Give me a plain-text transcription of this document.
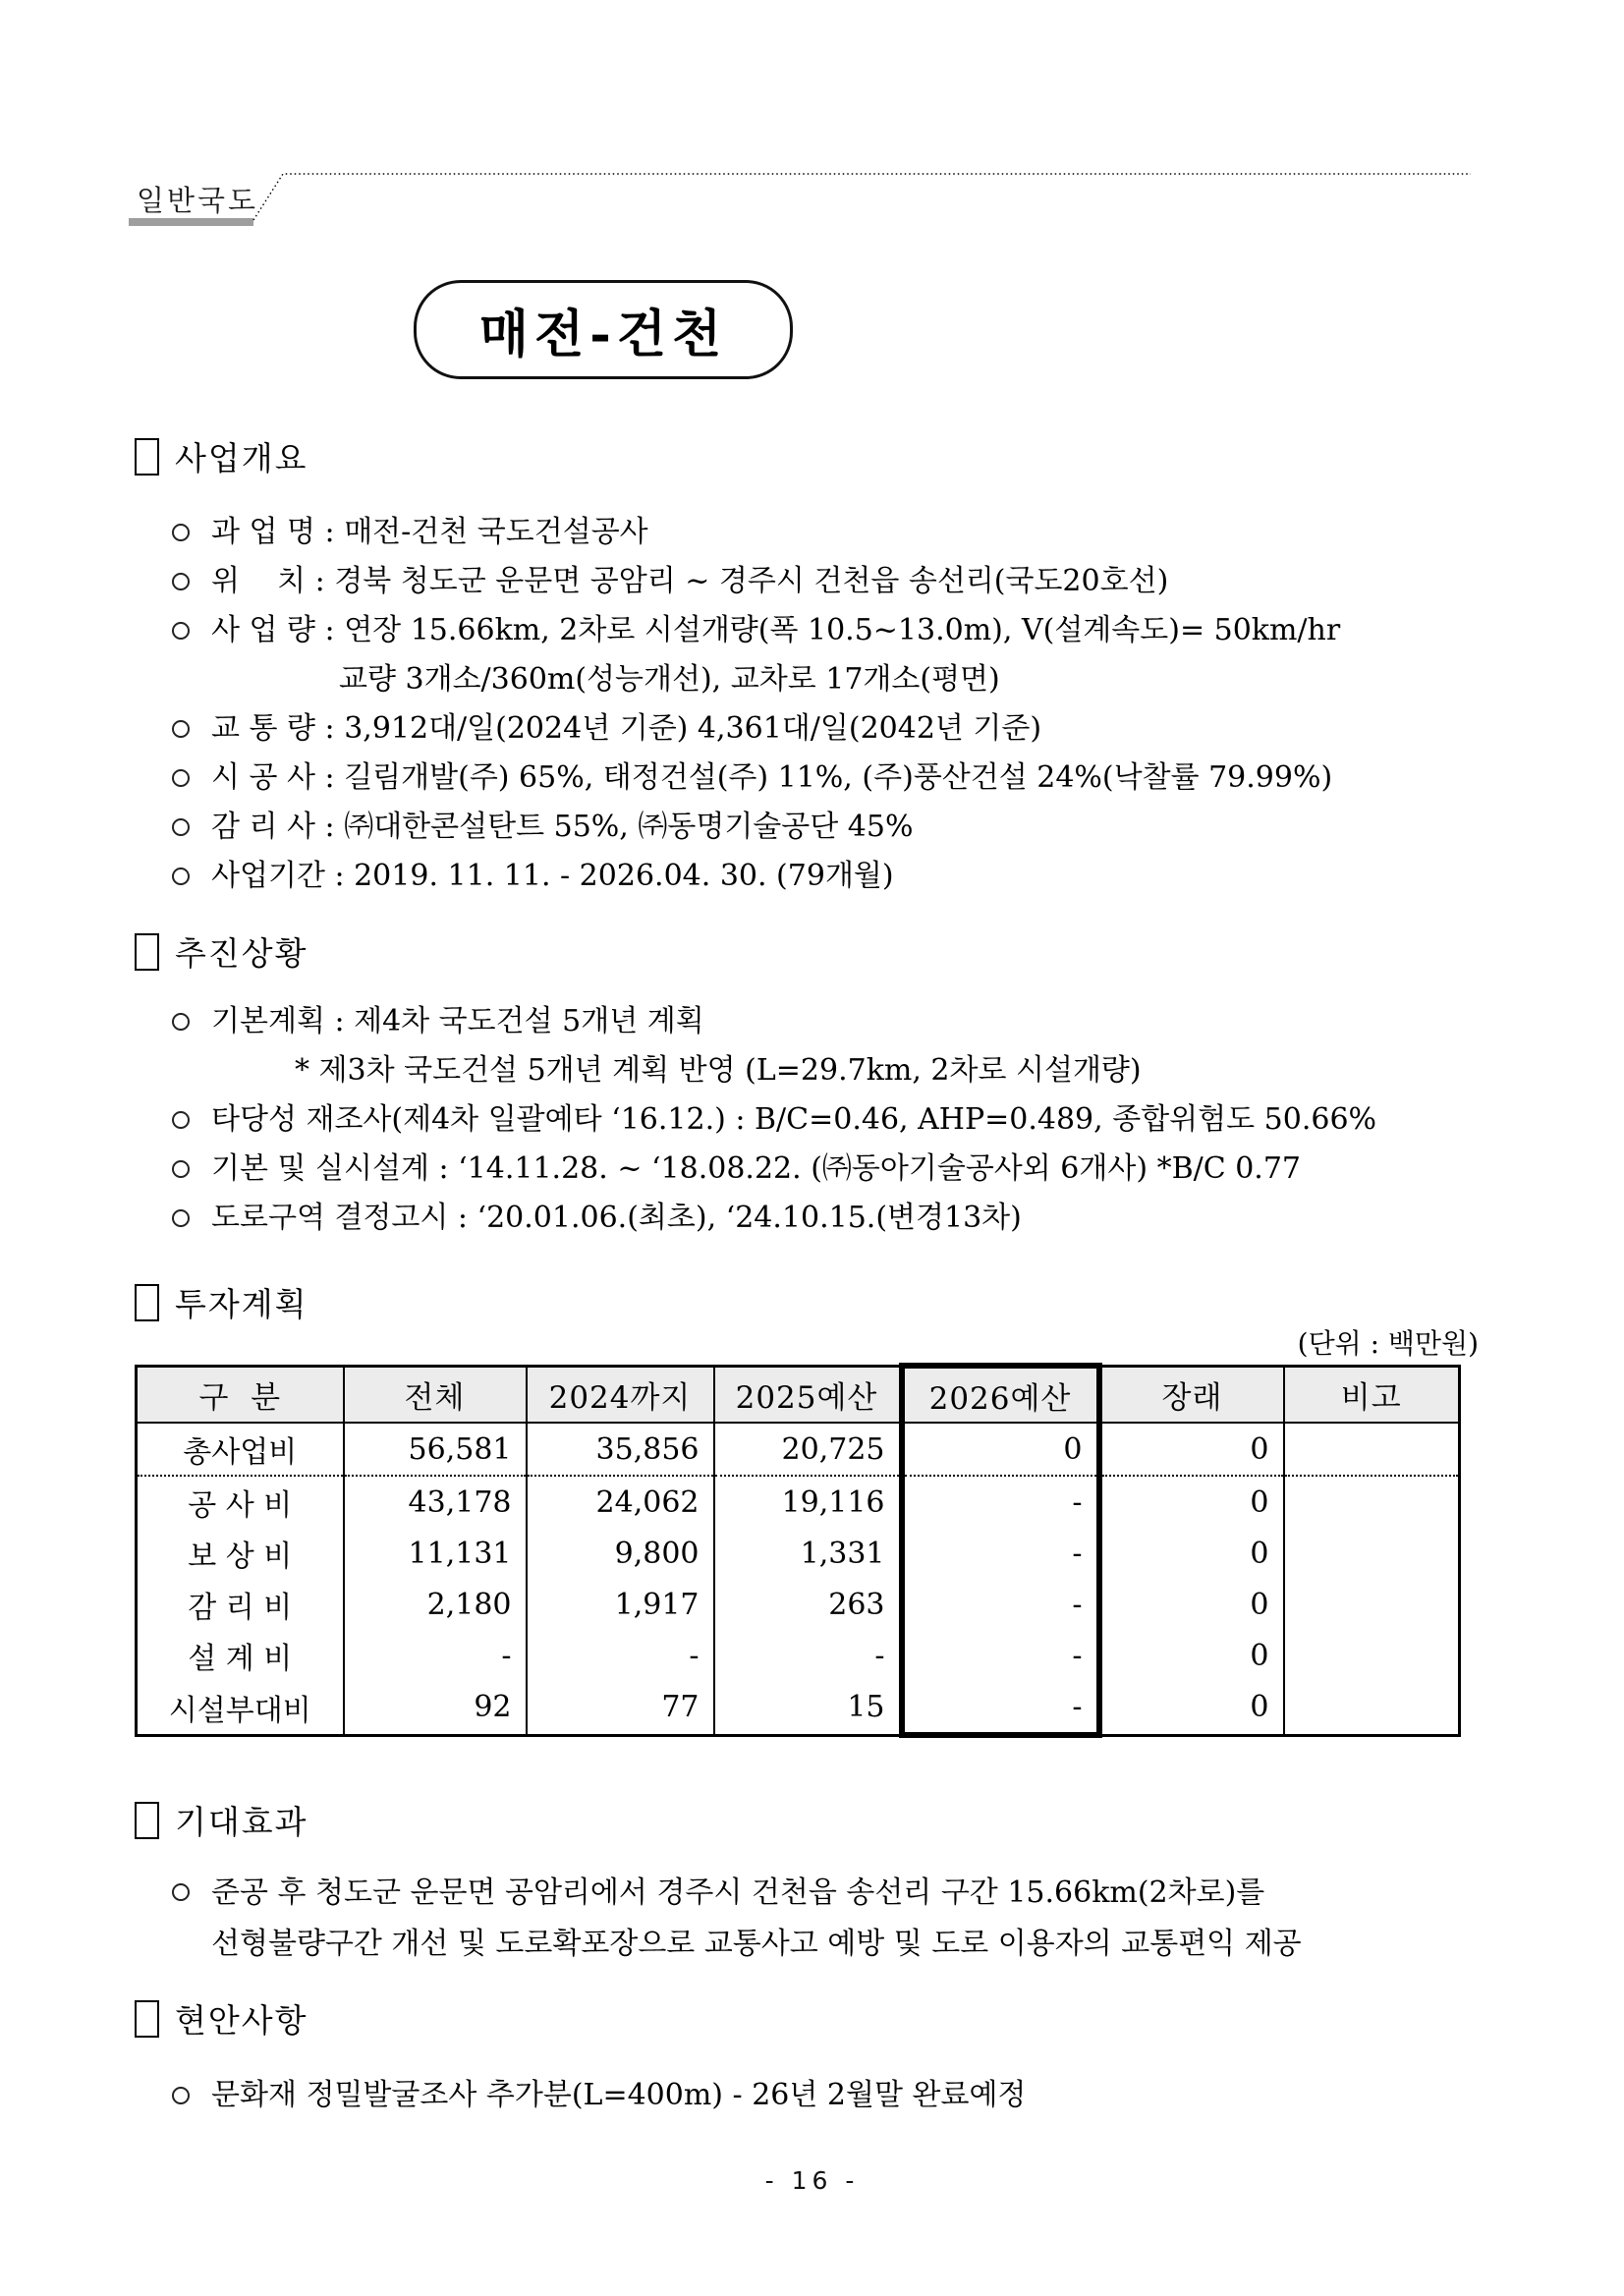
일반국도
매전-건천
사업개요
과 업 명 : 매전-건천 국도건설공사
위    치 : 경북 청도군 운문면 공암리 ~ 경주시 건천읍 송선리(국도20호선)
사 업 량 : 연장 15.66km, 2차로 시설개량(폭 10.5~13.0m), V(설계속도)= 50km/hr
교량 3개소/360m(성능개선), 교차로 17개소(평면)
교 통 량 : 3,912대/일(2024년 기준) 4,361대/일(2042년 기준)
시 공 사 : 길림개발(주) 65%, 태정건설(주) 11%, (주)풍산건설 24%(낙찰률 79.99%)
감 리 사 : ㈜대한콘설탄트 55%, ㈜동명기술공단 45%
사업기간 : 2019. 11. 11. - 2026.04. 30. (79개월)
추진상황
기본계획 : 제4차 국도건설 5개년 계획
* 제3차 국도건설 5개년 계획 반영 (L=29.7km, 2차로 시설개량)
타당성 재조사(제4차 일괄예타 ‘16.12.) : B/C=0.46, AHP=0.489, 종합위험도 50.66%
기본 및 실시설계 : ‘14.11.28. ~ ‘18.08.22. (㈜동아기술공사외 6개사) *B/C 0.77
도로구역 결정고시 : ‘20.01.06.(최초), ‘24.10.15.(변경13차)
투자계획
(단위 : 백만원)
구  분	전체	2024까지	2025예산	2026예산	장래	비고
총사업비	56,581	35,856	20,725	0	0	
공 사 비	43,178	24,062	19,116	-	0	
보 상 비	11,131	9,800	1,331	-	0	
감 리 비	2,180	1,917	263	-	0	
설 계 비	-	-	-	-	0	
시설부대비	92	77	15	-	0	
기대효과
준공 후 청도군 운문면 공암리에서 경주시 건천읍 송선리 구간 15.66km(2차로)를
선형불량구간 개선 및 도로확포장으로 교통사고 예방 및 도로 이용자의 교통편익 제공
현안사항
문화재 정밀발굴조사 추가분(L=400m) - 26년 2월말 완료예정
- 16 -
